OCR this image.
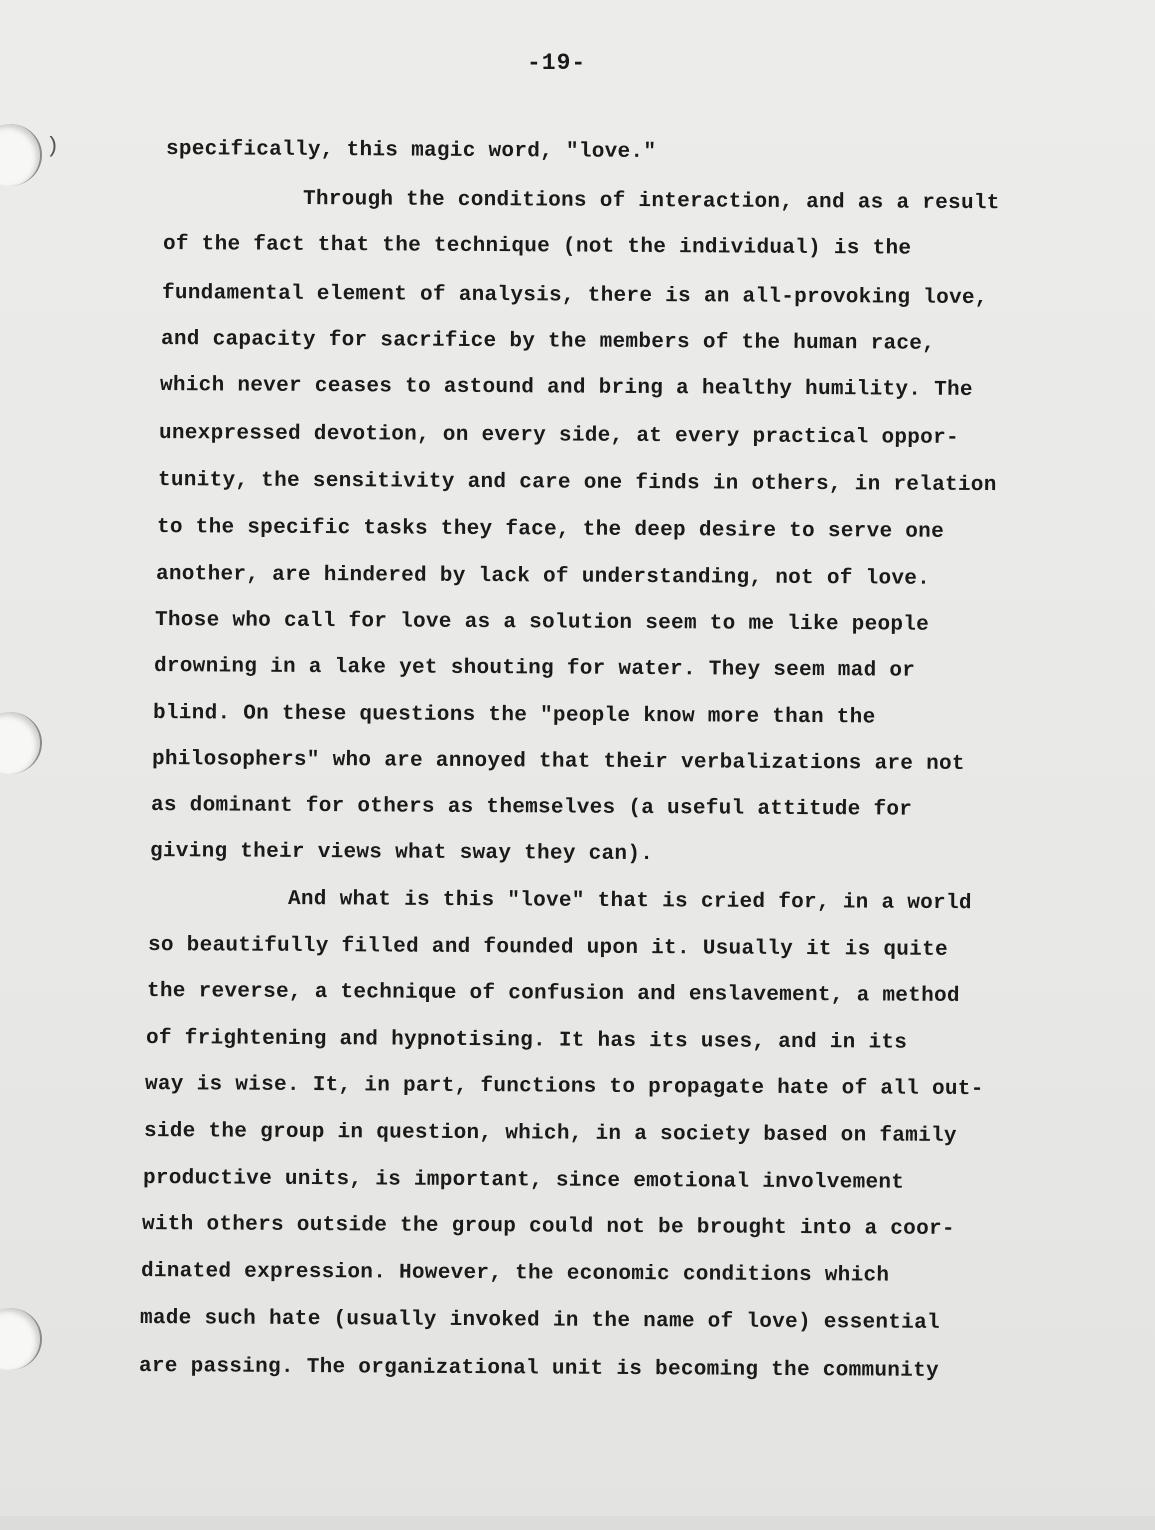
)
-19-
specifically, this magic word, "love."
Through the conditions of interaction, and as a result
of the fact that the technique (not the individual) is the
fundamental element of analysis, there is an all-provoking love,
and capacity for sacrifice by the members of the human race,
which never ceases to astound and bring a healthy humility. The
unexpressed devotion, on every side, at every practical oppor-
tunity, the sensitivity and care one finds in others, in relation
to the specific tasks they face, the deep desire to serve one
another, are hindered by lack of understanding, not of love.
Those who call for love as a solution seem to me like people
drowning in a lake yet shouting for water. They seem mad or
blind. On these questions the "people know more than the
philosophers" who are annoyed that their verbalizations are not
as dominant for others as themselves (a useful attitude for
giving their views what sway they can).
And what is this "love" that is cried for, in a world
so beautifully filled and founded upon it. Usually it is quite
the reverse, a technique of confusion and enslavement, a method
of frightening and hypnotising. It has its uses, and in its
way is wise. It, in part, functions to propagate hate of all out-
side the group in question, which, in a society based on family
productive units, is important, since emotional involvement
with others outside the group could not be brought into a coor-
dinated expression. However, the economic conditions which
made such hate (usually invoked in the name of love) essential
are passing. The organizational unit is becoming the community
